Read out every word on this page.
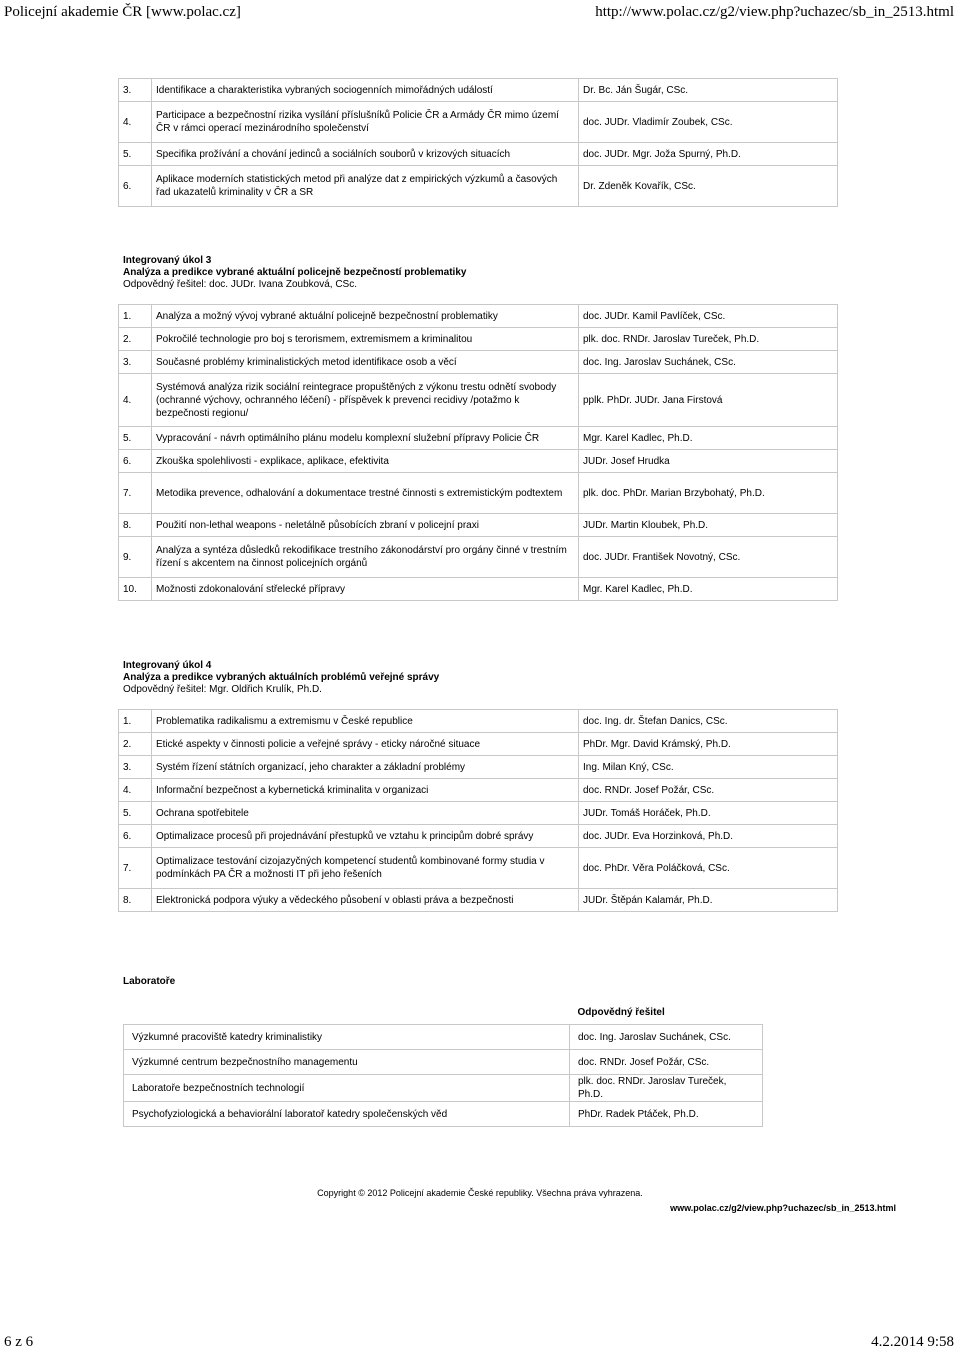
Policejní akademie ČR [www.polac.cz]	http://www.polac.cz/g2/view.php?uchazec/sb_in_2513.html
3.	Identifikace a charakteristika vybraných sociogenních mimořádných událostí	Dr. Bc. Ján Šugár, CSc.
4.	Participace a bezpečnostní rizika vysílání příslušníků Policie ČR a Armády ČR mimo území ČR v rámci operací mezinárodního společenství	doc. JUDr. Vladimír Zoubek, CSc.
5.	Specifika prožívání a chování jedinců a sociálních souborů v krizových situacích	doc. JUDr. Mgr. Jožа Spurný, Ph.D.
6.	Aplikace moderních statistických metod při analýze dat z empirických výzkumů a časových řad ukazatelů kriminality v ČR a SR	Dr. Zdeněk Kovařík, CSc.
Integrovaný úkol 3
Analýza a predikce vybrané aktuální policejně bezpečností problematiky
Odpovědný řešitel: doc. JUDr. Ivana Zoubková, CSc.
1.	Analýza a možný vývoj vybrané aktuální policejně bezpečnostní problematiky	doc. JUDr. Kamil Pavlíček, CSc.
2.	Pokročilé technologie pro boj s terorismem, extremismem a kriminalitou	plk. doc. RNDr. Jaroslav Tureček, Ph.D.
3.	Současné problémy kriminalistických metod identifikace osob a věcí	doc. Ing. Jaroslav Suchánek, CSc.
4.	Systémová analýza rizik sociální reintegrace propuštěných z výkonu trestu odnětí svobody (ochranné výchovy, ochranného léčení) - příspěvek k prevenci recidivy /potažmo k bezpečnosti regionu/	pplk. PhDr. JUDr. Jana Firstová
5.	Vypracování - návrh optimálního plánu modelu komplexní služební přípravy Policie ČR	Mgr. Karel Kadlec, Ph.D.
6.	Zkouška spolehlivosti - explikace, aplikace, efektivita	JUDr. Josef Hrudka
7.	Metodika prevence, odhalování a dokumentace trestné činnosti s extremistickým podtextem	plk. doc. PhDr. Marian Brzybohatý, Ph.D.
8.	Použití non-lethal weapons - neletálně působících zbraní v policejní praxi	JUDr. Martin Kloubek, Ph.D.
9.	Analýza a syntéza důsledků rekodifikace trestního zákonodárství pro orgány činné v trestním řízení s akcentem na činnost policejních orgánů	doc. JUDr. František Novotný, CSc.
10.	Možnosti zdokonalování střelecké přípravy	Mgr. Karel Kadlec, Ph.D.
Integrovaný úkol 4
Analýza a predikce vybraných aktuálních problémů veřejné správy
Odpovědný řešitel: Mgr. Oldřich Krulík, Ph.D.
1.	Problematika radikalismu a extremismu v České republice	doc. Ing. dr. Štefan Danics, CSc.
2.	Etické aspekty v činnosti policie a veřejné správy - eticky náročné situace	PhDr. Mgr. David Krámský, Ph.D.
3.	Systém řízení státních organizací, jeho charakter a základní problémy	Ing. Milan Kný, CSc.
4.	Informační bezpečnost a kybernetická kriminalita v organizaci	doc. RNDr. Josef Požár, CSc.
5.	Ochrana spotřebitele	JUDr. Tomáš Horáček, Ph.D.
6.	Optimalizace procesů při projednávání přestupků ve vztahu k principům dobré správy	doc. JUDr. Eva Horzinková, Ph.D.
7.	Optimalizace testování cizojazyčných kompetencí studentů kombinované formy studia v podmínkách PA ČR a možnosti IT při jeho řešeních	doc. PhDr. Věra Poláčková, CSc.
8.	Elektronická podpora výuky a vědeckého působení v oblasti práva a bezpečnosti	JUDr. Štěpán Kalamár, Ph.D.
Laboratoře
	Odpovědný řešitel
Výzkumné pracoviště katedry kriminalistiky	doc. Ing. Jaroslav Suchánek, CSc.
Výzkumné centrum bezpečnostního managementu	doc. RNDr. Josef Požár, CSc.
Laboratoře bezpečnostních technologií	plk. doc. RNDr. Jaroslav Tureček, Ph.D.
Psychofyziologická a behaviorální laboratoř katedry společenských věd	PhDr. Radek Ptáček, Ph.D.
Copyright © 2012 Policejní akademie České republiky. Všechna práva vyhrazena.
www.polac.cz/g2/view.php?uchazec/sb_in_2513.html
6 z 6	4.2.2014 9:58
